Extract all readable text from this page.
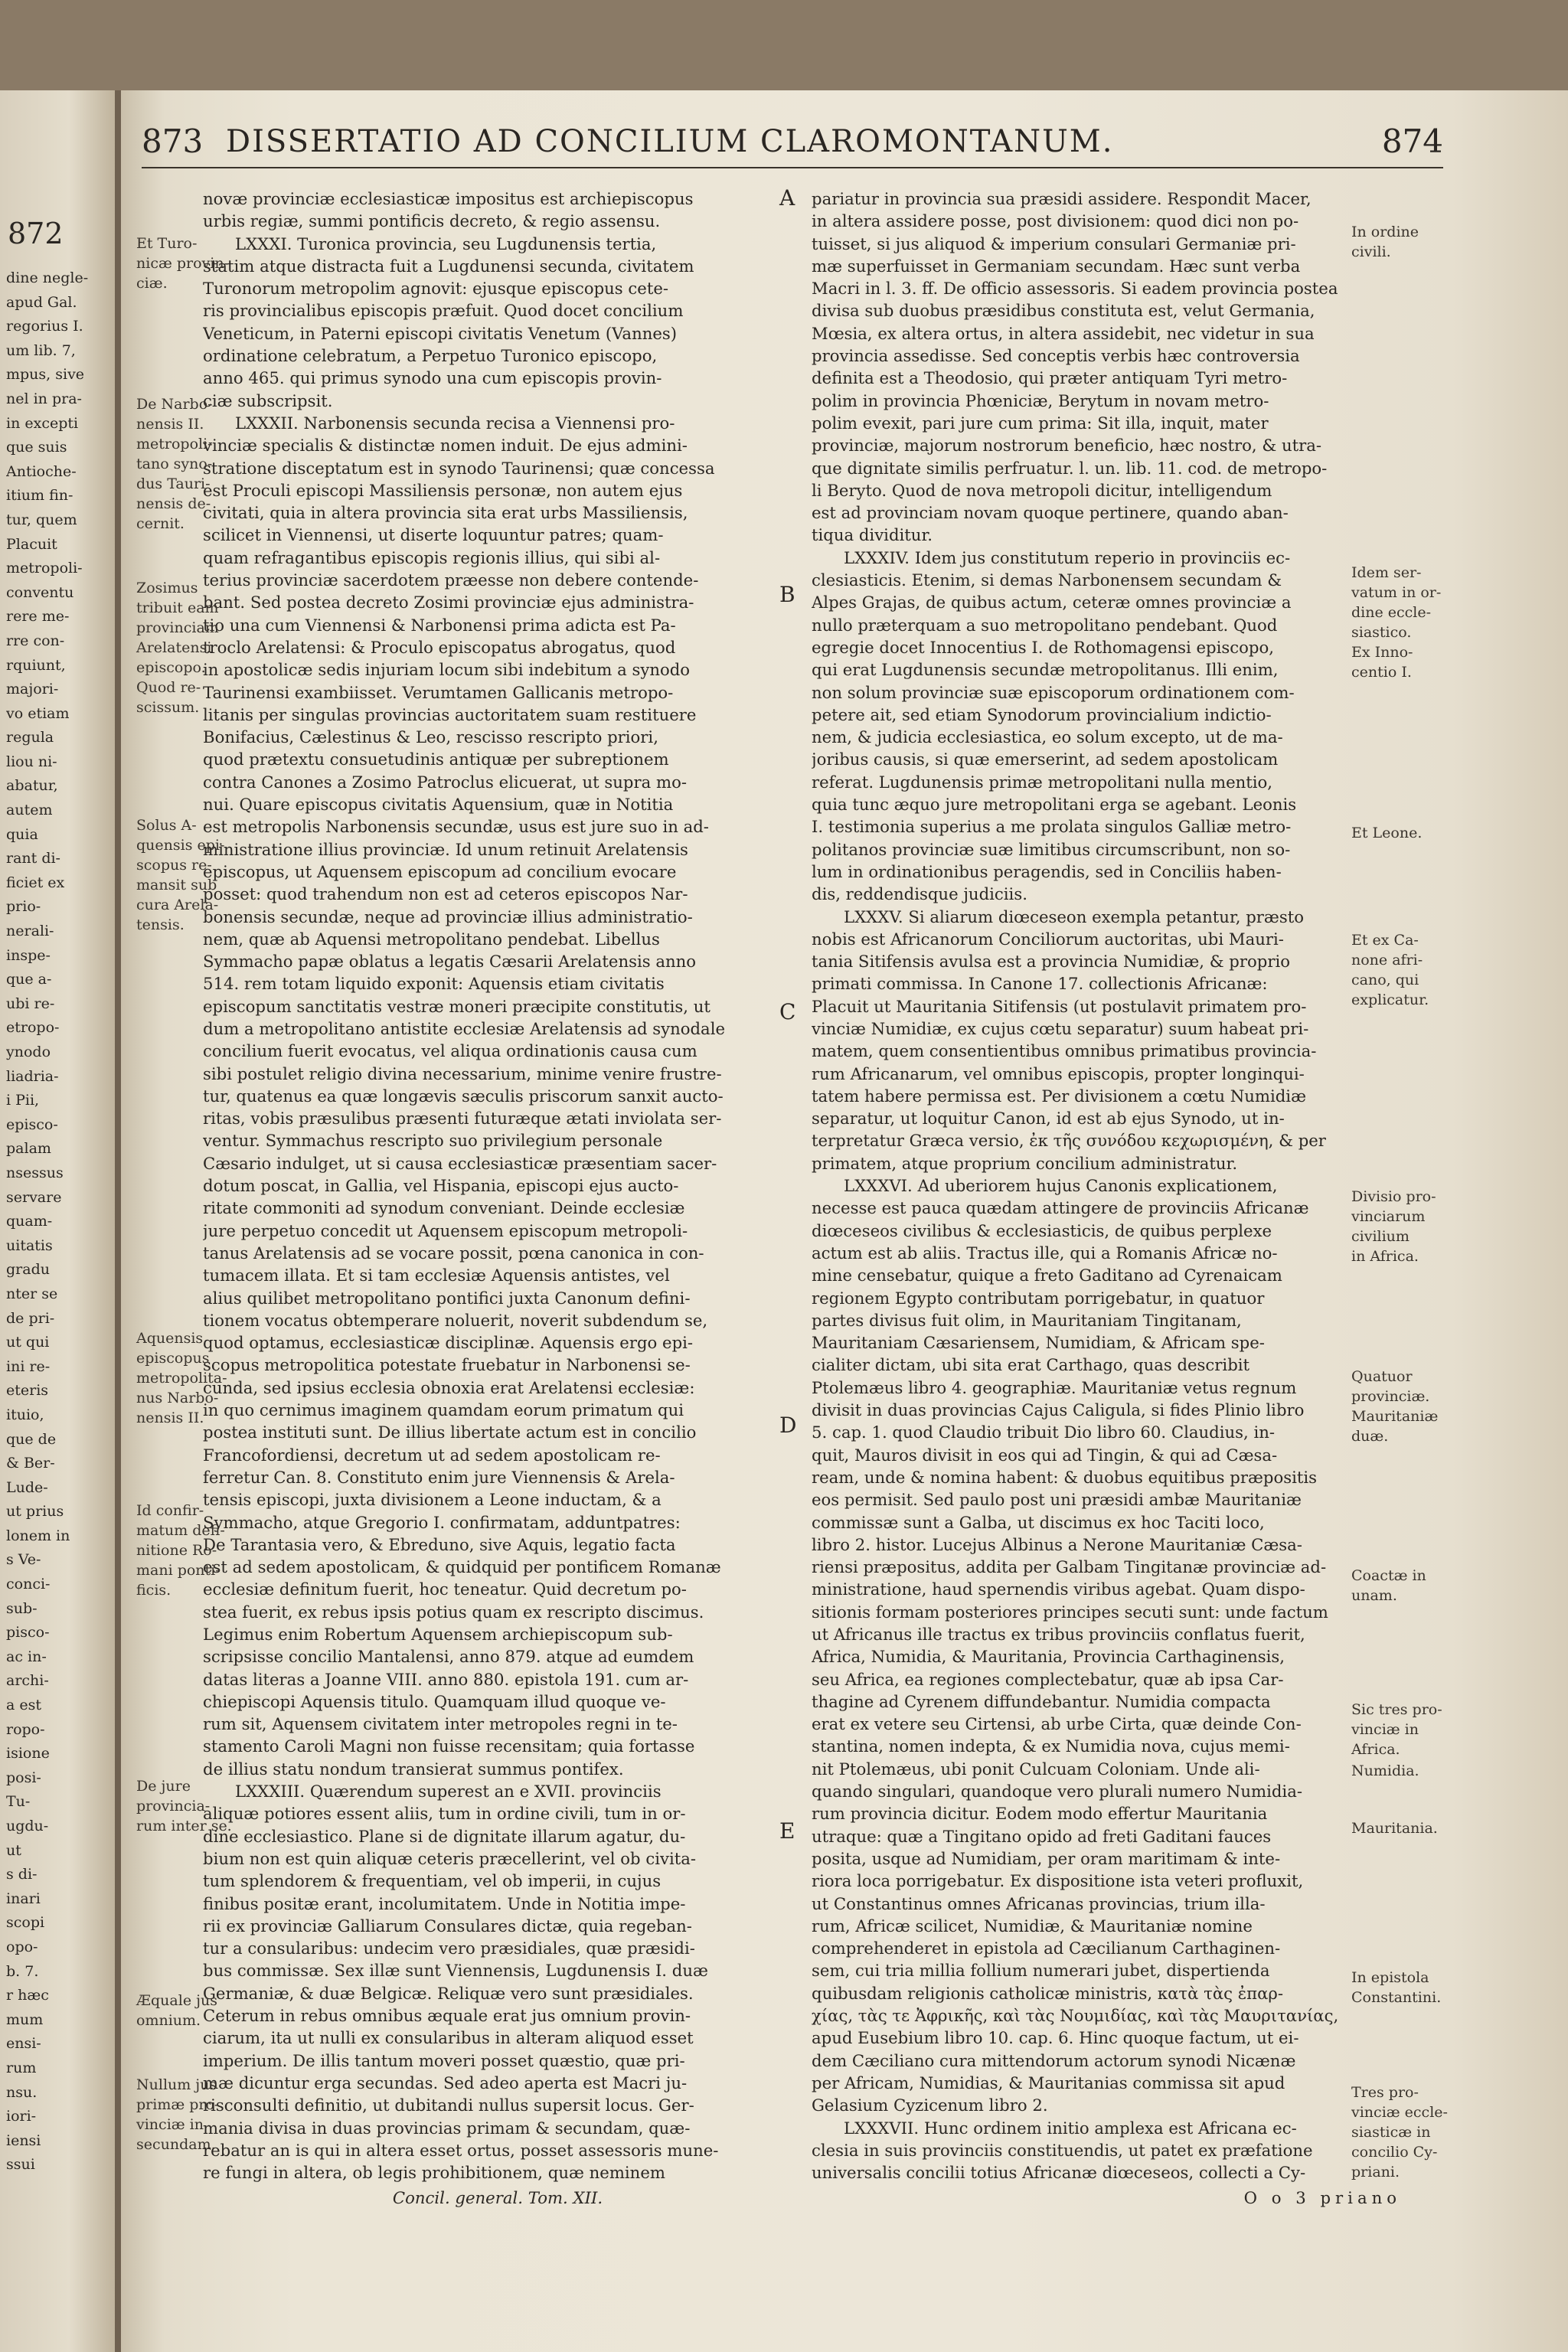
872
dine negle-
apud Gal.
regorius I.
um lib. 7,
mpus, sive
nel in pra-
in excepti
que suis
Antioche-
itium fin-
tur, quem
Placuit
metropoli-
conventu
rere me-
rre con-
rquiunt,
majori-
vo etiam
regula
liou ni-
abatur,
autem
quia
rant di-
ficiet ex
prio-
nerali-
inspe-
que a-
ubi re-
etropo-
ynodo
liadria-
i Pii,
episco-
palam
nsessus
servare
quam-
uitatis
gradu
nter se
de pri-
ut qui
ini re-
eteris
ituio,
que de
& Ber-
Lude-
ut prius
lonem in
s Ve-
conci-
sub-
pisco-
ac in-
archi-
a est
ropo-
isione
posi-
Tu-
ugdu-
ut
s di-
inari
scopi
opo-
b. 7.
r hæc
mum
ensi-
rum
nsu.
iori-
iensi
ssui
873 DISSERTATIO AD CONCILIUM CLAROMONTANUM.	874

novæ provinciæ ecclesiasticæ impositus est archiepiscopus

urbis regiæ, summi pontificis decreto, & regio assensu.

LXXXI. Turonica provincia, seu Lugdunensis tertia,

statim atque distracta fuit a Lugdunensi secunda, civitatem

Turonorum metropolim agnovit: ejusque episcopus cete-

ris provincialibus episcopis præfuit. Quod docet concilium

Veneticum, in Paterni episcopi civitatis Venetum (Vannes)

ordinatione celebratum, a Perpetuo Turonico episcopo,

anno 465. qui primus synodo una cum episcopis provin-

ciæ subscripsit.

LXXXII. Narbonensis secunda recisa a Viennensi pro-

vinciæ specialis & distinctæ nomen induit. De ejus admini-

stratione disceptatum est in synodo Taurinensi; quæ concessa

est Proculi episcopi Massiliensis personæ, non autem ejus

civitati, quia in altera provincia sita erat urbs Massiliensis,

scilicet in Viennensi, ut diserte loquuntur patres; quam-

quam refragantibus episcopis regionis illius, qui sibi al-

terius provinciæ sacerdotem præesse non debere contende-

bant. Sed postea decreto Zosimi provinciæ ejus administra-

tio una cum Viennensi & Narbonensi prima adicta est Pa-

troclo Arelatensi: & Proculo episcopatus abrogatus, quod

in apostolicæ sedis injuriam locum sibi indebitum a synodo

Taurinensi exambiisset. Verumtamen Gallicanis metropo-

litanis per singulas provincias auctoritatem suam restituere

Bonifacius, Cælestinus & Leo, rescisso rescripto priori,

quod prætextu consuetudinis antiquæ per subreptionem

contra Canones a Zosimo Patroclus elicuerat, ut supra mo-

nui. Quare episcopus civitatis Aquensium, quæ in Notitia

est metropolis Narbonensis secundæ, usus est jure suo in ad-

ministratione illius provinciæ. Id unum retinuit Arelatensis

episcopus, ut Aquensem episcopum ad concilium evocare

posset: quod trahendum non est ad ceteros episcopos Nar-

bonensis secundæ, neque ad provinciæ illius administratio-

nem, quæ ab Aquensi metropolitano pendebat. Libellus

Symmacho papæ oblatus a legatis Cæsarii Arelatensis anno

514. rem totam liquido exponit: Aquensis etiam civitatis

episcopum sanctitatis vestræ moneri præcipite constitutis, ut

dum a metropolitano antistite ecclesiæ Arelatensis ad synodale

concilium fuerit evocatus, vel aliqua ordinationis causa cum

sibi postulet religio divina necessarium, minime venire frustre-

tur, quatenus ea quæ longævis sæculis priscorum sanxit aucto-

ritas, vobis præsulibus præsenti futuræque ætati inviolata ser-

ventur. Symmachus rescripto suo privilegium personale

Cæsario indulget, ut si causa ecclesiasticæ præsentiam sacer-

dotum poscat, in Gallia, vel Hispania, episcopi ejus aucto-

ritate commoniti ad synodum conveniant. Deinde ecclesiæ

jure perpetuo concedit ut Aquensem episcopum metropoli-

tanus Arelatensis ad se vocare possit, pœna canonica in con-

tumacem illata. Et si tam ecclesiæ Aquensis antistes, vel

alius quilibet metropolitano pontifici juxta Canonum defini-

tionem vocatus obtemperare noluerit, noverit subdendum se,

quod optamus, ecclesiasticæ disciplinæ. Aquensis ergo epi-

scopus metropolitica potestate fruebatur in Narbonensi se-

cunda, sed ipsius ecclesia obnoxia erat Arelatensi ecclesiæ:

in quo cernimus imaginem quamdam eorum primatum qui

postea instituti sunt. De illius libertate actum est in concilio

Francofordiensi, decretum ut ad sedem apostolicam re-

ferretur Can. 8. Constituto enim jure Viennensis & Arela-

tensis episcopi, juxta divisionem a Leone inductam, & a

Symmacho, atque Gregorio I. confirmatam, adduntpatres:

De Tarantasia vero, & Ebreduno, sive Aquis, legatio facta

est ad sedem apostolicam, & quidquid per pontificem Romanæ

ecclesiæ definitum fuerit, hoc teneatur. Quid decretum po-

stea fuerit, ex rebus ipsis potius quam ex rescripto discimus.

Legimus enim Robertum Aquensem archiepiscopum sub-

scripsisse concilio Mantalensi, anno 879. atque ad eumdem

datas literas a Joanne VIII. anno 880. epistola 191. cum ar-

chiepiscopi Aquensis titulo. Quamquam illud quoque ve-

rum sit, Aquensem civitatem inter metropoles regni in te-

stamento Caroli Magni non fuisse recensitam; quia fortasse

de illius statu nondum transierat summus pontifex.

LXXXIII. Quærendum superest an e XVII. provinciis

aliquæ potiores essent aliis, tum in ordine civili, tum in or-

dine ecclesiastico. Plane si de dignitate illarum agatur, du-

bium non est quin aliquæ ceteris præcellerint, vel ob civita-

tum splendorem & frequentiam, vel ob imperii, in cujus

finibus positæ erant, incolumitatem. Unde in Notitia impe-

rii ex provinciæ Galliarum Consulares dictæ, quia regeban-

tur a consularibus: undecim vero præsidiales, quæ præsidi-

bus commissæ. Sex illæ sunt Viennensis, Lugdunensis I. duæ

Germaniæ, & duæ Belgicæ. Reliquæ vero sunt præsidiales.

Ceterum in rebus omnibus æquale erat jus omnium provin-

ciarum, ita ut nulli ex consularibus in alteram aliquod esset

imperium. De illis tantum moveri posset quæstio, quæ pri-

mæ dicuntur erga secundas. Sed adeo aperta est Macri ju-

risconsulti definitio, ut dubitandi nullus supersit locus. Ger-

mania divisa in duas provincias primam & secundam, quæ-

rebatur an is qui in altera esset ortus, posset assessoris mune-

re fungi in altera, ob legis prohibitionem, quæ neminem

Concil. general. Tom. XII.

pariatur in provincia sua præsidi assidere. Respondit Macer,

in altera assidere posse, post divisionem: quod dici non po-

tuisset, si jus aliquod & imperium consulari Germaniæ pri-

mæ superfuisset in Germaniam secundam. Hæc sunt verba

Macri in l. 3. ff. De officio assessoris. Si eadem provincia postea

divisa sub duobus præsidibus constituta est, velut Germania,

Mœsia, ex altera ortus, in altera assidebit, nec videtur in sua

provincia assedisse. Sed conceptis verbis hæc controversia

definita est a Theodosio, qui præter antiquam Tyri metro-

polim in provincia Phœniciæ, Berytum in novam metro-

polim evexit, pari jure cum prima: Sit illa, inquit, mater

provinciæ, majorum nostrorum beneficio, hæc nostro, & utra-

que dignitate similis perfruatur. l. un. lib. 11. cod. de metropo-

li Beryto. Quod de nova metropoli dicitur, intelligendum

est ad provinciam novam quoque pertinere, quando aban-

tiqua dividitur.

LXXXIV. Idem jus constitutum reperio in provinciis ec-

clesiasticis. Etenim, si demas Narbonensem secundam &

Alpes Grajas, de quibus actum, ceteræ omnes provinciæ a

nullo præterquam a suo metropolitano pendebant. Quod

egregie docet Innocentius I. de Rothomagensi episcopo,

qui erat Lugdunensis secundæ metropolitanus. Illi enim,

non solum provinciæ suæ episcoporum ordinationem com-

petere ait, sed etiam Synodorum provincialium indictio-

nem, & judicia ecclesiastica, eo solum excepto, ut de ma-

joribus causis, si quæ emerserint, ad sedem apostolicam

referat. Lugdunensis primæ metropolitani nulla mentio,

quia tunc æquo jure metropolitani erga se agebant. Leonis

I. testimonia superius a me prolata singulos Galliæ metro-

politanos provinciæ suæ limitibus circumscribunt, non so-

lum in ordinationibus peragendis, sed in Conciliis haben-

dis, reddendisque judiciis.

LXXXV. Si aliarum diœceseon exempla petantur, præsto

nobis est Africanorum Conciliorum auctoritas, ubi Mauri-

tania Sitifensis avulsa est a provincia Numidiæ, & proprio

primati commissa. In Canone 17. collectionis Africanæ:

Placuit ut Mauritania Sitifensis (ut postulavit primatem pro-

vinciæ Numidiæ, ex cujus cœtu separatur) suum habeat pri-

matem, quem consentientibus omnibus primatibus provincia-

rum Africanarum, vel omnibus episcopis, propter longinqui-

tatem habere permissa est. Per divisionem a cœtu Numidiæ

separatur, ut loquitur Canon, id est ab ejus Synodo, ut in-

terpretatur Græca versio, ἐκ τῆς συνόδου κεχωρισμένη, & per

primatem, atque proprium concilium administratur.

LXXXVI. Ad uberiorem hujus Canonis explicationem,

necesse est pauca quædam attingere de provinciis Africanæ

diœceseos civilibus & ecclesiasticis, de quibus perplexe

actum est ab aliis. Tractus ille, qui a Romanis Africæ no-

mine censebatur, quique a freto Gaditano ad Cyrenaicam

regionem Egypto contributam porrigebatur, in quatuor

partes divisus fuit olim, in Mauritaniam Tingitanam,

Mauritaniam Cæsariensem, Numidiam, & Africam spe-

cialiter dictam, ubi sita erat Carthago, quas describit

Ptolemæus libro 4. geographiæ. Mauritaniæ vetus regnum

divisit in duas provincias Cajus Caligula, si fides Plinio libro

5. cap. 1. quod Claudio tribuit Dio libro 60. Claudius, in-

quit, Mauros divisit in eos qui ad Tingin, & qui ad Cæsa-

ream, unde & nomina habent: & duobus equitibus præpositis

eos permisit. Sed paulo post uni præsidi ambæ Mauritaniæ

commissæ sunt a Galba, ut discimus ex hoc Taciti loco,

libro 2. histor. Lucejus Albinus a Nerone Mauritaniæ Cæsa-

riensi præpositus, addita per Galbam Tingitanæ provinciæ ad-

ministratione, haud spernendis viribus agebat. Quam dispo-

sitionis formam posteriores principes secuti sunt: unde factum

ut Africanus ille tractus ex tribus provinciis conflatus fuerit,

Africa, Numidia, & Mauritania, Provincia Carthaginensis,

seu Africa, ea regiones complectebatur, quæ ab ipsa Car-

thagine ad Cyrenem diffundebantur. Numidia compacta

erat ex vetere seu Cirtensi, ab urbe Cirta, quæ deinde Con-

stantina, nomen indepta, & ex Numidia nova, cujus memi-

nit Ptolemæus, ubi ponit Culcuam Coloniam. Unde ali-

quando singulari, quandoque vero plurali numero Numidia-

rum provincia dicitur. Eodem modo effertur Mauritania

utraque: quæ a Tingitano opido ad freti Gaditani fauces

posita, usque ad Numidiam, per oram maritimam & inte-

riora loca porrigebatur. Ex dispositione ista veteri profluxit,

ut Constantinus omnes Africanas provincias, trium illa-

rum, Africæ scilicet, Numidiæ, & Mauritaniæ nomine

comprehenderet in epistola ad Cæcilianum Carthaginen-

sem, cui tria millia follium numerari jubet, dispertienda

quibusdam religionis catholicæ ministris, κατὰ τὰς ἐπαρ-

χίας, τὰς τε Ἀφρικῆς, καὶ τὰς Νουμιδίας, καὶ τὰς Μαυριτανίας,

apud Eusebium libro 10. cap. 6. Hinc quoque factum, ut ei-

dem Cæciliano cura mittendorum actorum synodi Nicænæ

per Africam, Numidias, & Mauritanias commissa sit apud

Gelasium Cyzicenum libro 2.

LXXXVII. Hunc ordinem initio amplexa est Africana ec-

clesia in suis provinciis constituendis, ut patet ex præfatione

universalis concilii totius Africanæ diœceseos, collecti a Cy-

O o 3 priano

Et Turo-
nicæ provin-
ciæ.
De Narbo-
nensis II.
metropoli-
tano syno-
dus Tauri-
nensis de-
cernit.
Zosimus
tribuit eam
provinciam
Arelatensi
episcopo.
Quod re-
scissum.
Solus A-
quensis epi-
scopus re-
mansit sub
cura Arela-
tensis.
Aquensis
episcopus
metropolita-
nus Narbo-
nensis II.
Id confir-
matum defi-
nitione Ro-
mani ponti-
ficis.
De jure
provincia-
rum inter se.
Æquale jus
omnium.
Nullum jus
primæ pro-
vinciæ in
secundam.
In ordine
civili.
Idem ser-
vatum in or-
dine eccle-
siastico.
Ex Inno-
centio I.
Et Leone.
Et ex Ca-
none afri-
cano, qui
explicatur.
Divisio pro-
vinciarum
civilium
in Africa.
Quatuor
provinciæ.
Mauritaniæ
duæ.
Coactæ in
unam.
Sic tres pro-
vinciæ in
Africa.
Numidia.
Mauritania.
In epistola
Constantini.
Tres pro-
vinciæ eccle-
siasticæ in
concilio Cy-
priani.
A
B
C
D
E
